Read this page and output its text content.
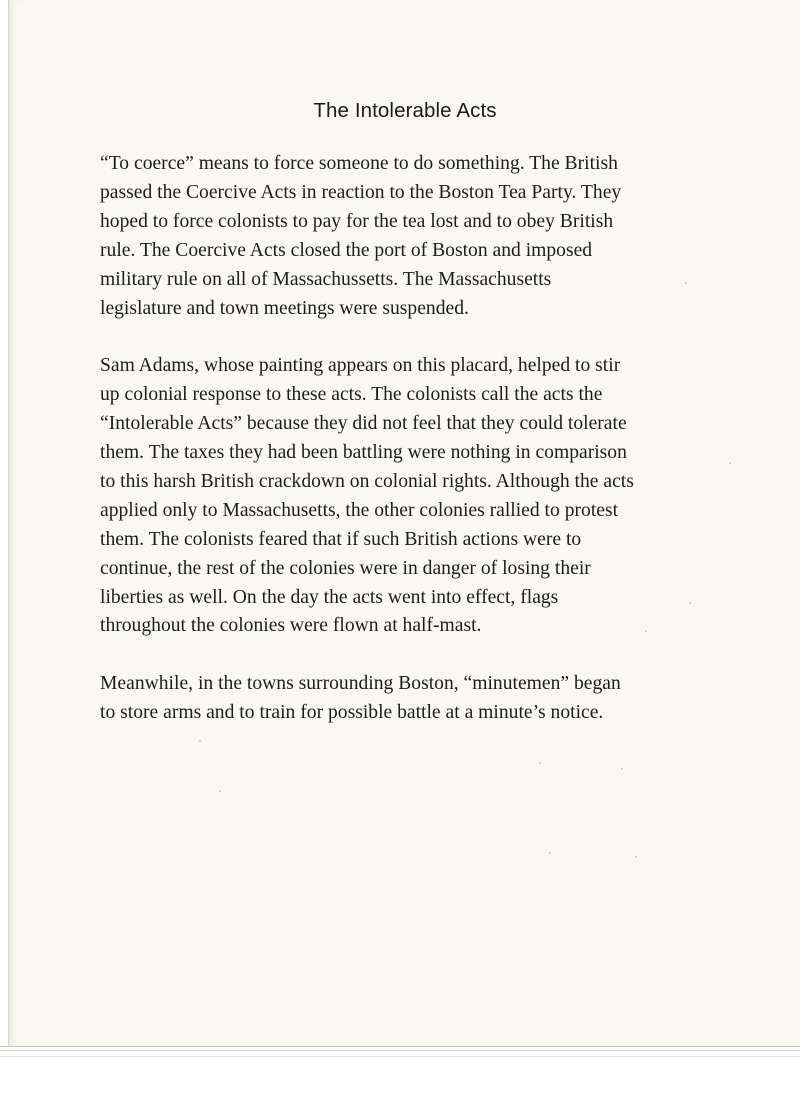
The Intolerable Acts

“To coerce” means to force someone to do something. The British
passed the Coercive Acts in reaction to the Boston Tea Party. They
hoped to force colonists to pay for the tea lost and to obey British
rule. The Coercive Acts closed the port of Boston and imposed
military rule on all of Massachussetts. The Massachusetts
legislature and town meetings were suspended.

Sam Adams, whose painting appears on this placard, helped to stir
up colonial response to these acts. The colonists call the acts the
“Intolerable Acts” because they did not feel that they could tolerate
them. The taxes they had been battling were nothing in comparison
to this harsh British crackdown on colonial rights. Although the acts
applied only to Massachusetts, the other colonies rallied to protest
them. The colonists feared that if such British actions were to
continue, the rest of the colonies were in danger of losing their
liberties as well. On the day the acts went into effect, flags
throughout the colonies were flown at half-mast.

Meanwhile, in the towns surrounding Boston, “minutemen” began
to store arms and to train for possible battle at a minute’s notice.
